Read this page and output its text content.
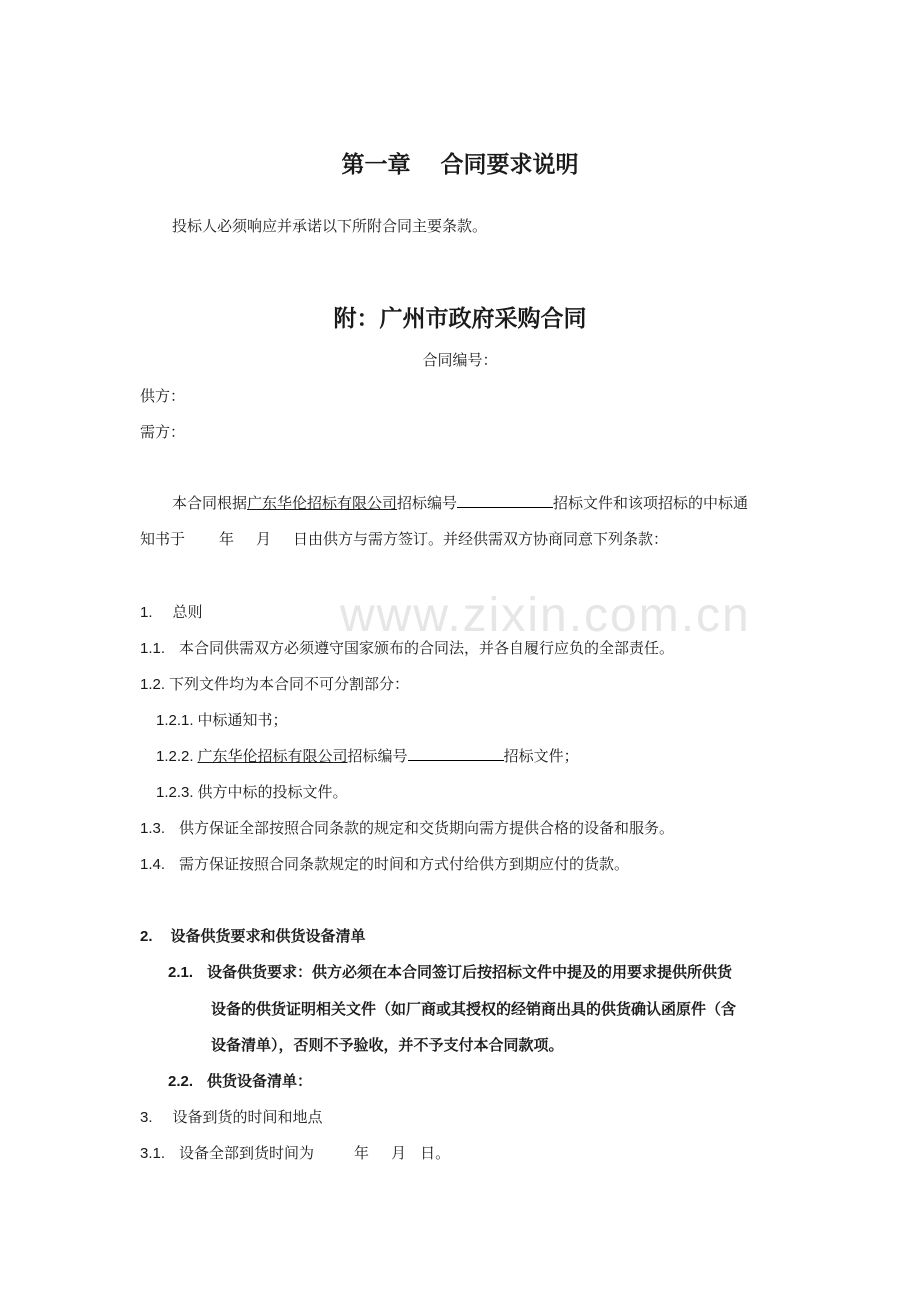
www.zixin.com.cn
第一章 合同要求说明
投标人必须响应并承诺以下所附合同主要条款。
附：广州市政府采购合同
合同编号：
供方：
需方：
本合同根据广东华伦招标有限公司招标编号	招标文件和该项招标的中标通
知书于 年 月 日由供方与需方签订。并经供需双方协商同意下列条款：
1. 总则
1.1. 本合同供需双方必须遵守国家颁布的合同法，并各自履行应负的全部责任。
1.2. 下列文件均为本合同不可分割部分：
1.2.1. 中标通知书；
1.2.2. 广东华伦招标有限公司招标编号	招标文件；
1.2.3. 供方中标的投标文件。
1.3. 供方保证全部按照合同条款的规定和交货期向需方提供合格的设备和服务。
1.4. 需方保证按照合同条款规定的时间和方式付给供方到期应付的货款。
2. 设备供货要求和供货设备清单
2.1. 设备供货要求：供方必须在本合同签订后按招标文件中提及的用要求提供所供货
设备的供货证明相关文件（如厂商或其授权的经销商出具的供货确认函原件（含
设备清单），否则不予验收，并不予支付本合同款项。
2.2. 供货设备清单：
3. 设备到货的时间和地点
3.1. 设备全部到货时间为	年 月 日。
